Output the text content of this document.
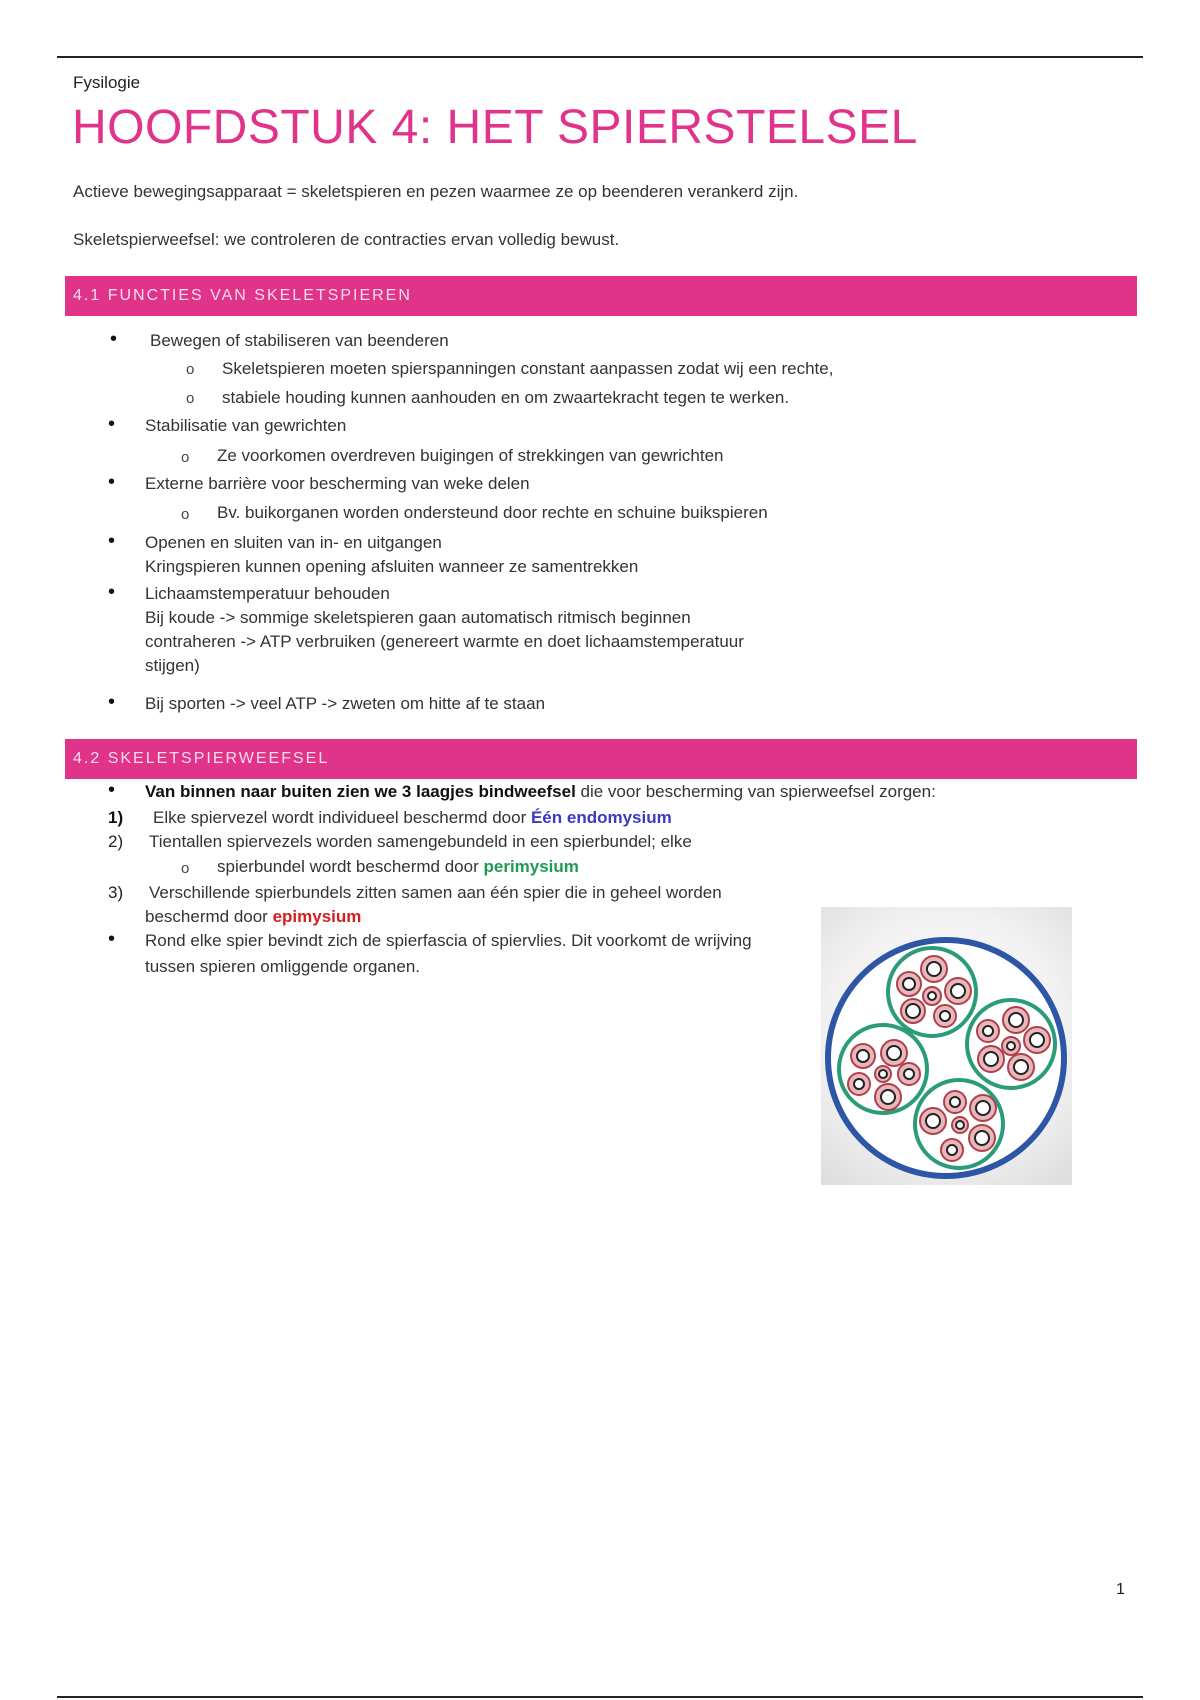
Fysilogie
HOOFDSTUK 4: HET SPIERSTELSEL

Actieve bewegingsapparaat = skeletspieren en pezen waarmee ze op beenderen verankerd zijn.

Skeletspierweefsel: we controleren de contracties ervan volledig bewust.

4.1 FUNCTIES VAN SKELETSPIEREN
• Bewegen of stabiliseren van beenderen
o Skeletspieren moeten spierspanningen constant aanpassen zodat wij een rechte,
o stabiele houding kunnen aanhouden en om zwaartekracht tegen te werken.
• Stabilisatie van gewrichten
o Ze voorkomen overdreven buigingen of strekkingen van gewrichten
• Externe barrière voor bescherming van weke delen
o Bv. buikorganen worden ondersteund door rechte en schuine buikspieren
• Openen en sluiten van in- en uitgangen
Kringspieren kunnen opening afsluiten wanneer ze samentrekken
• Lichaamstemperatuur behouden
Bij koude -> sommige skeletspieren gaan automatisch ritmisch beginnen
contraheren -> ATP verbruiken (genereert warmte en doet lichaamstemperatuur
stijgen)
• Bij sporten -> veel ATP -> zweten om hitte af te staan
4.2 SKELETSPIERWEEFSEL
• Van binnen naar buiten zien we 3 laagjes bindweefsel die voor bescherming van spierweefsel zorgen:
1) Elke spiervezel wordt individueel beschermd door Één endomysium
2) Tientallen spiervezels worden samengebundeld in een spierbundel; elke
o spierbundel wordt beschermd door perimysium
3) Verschillende spierbundels zitten samen aan één spier die in geheel worden
beschermd door epimysium
• Rond elke spier bevindt zich de spierfascia of spiervlies. Dit voorkomt de wrijving
tussen spieren omliggende organen.
1
